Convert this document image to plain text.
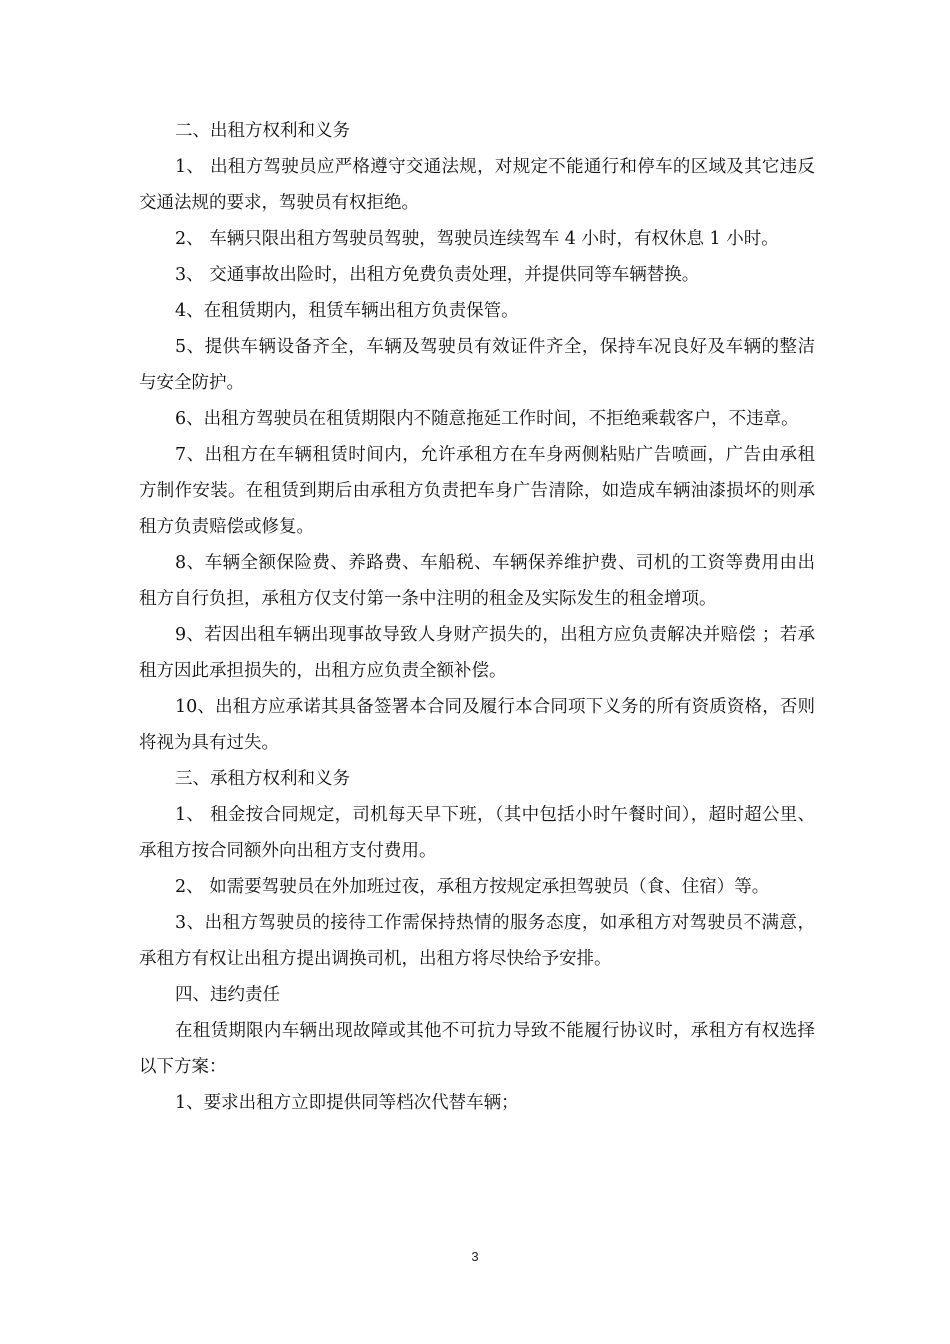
二、出租方权利和义务

1、 出租方驾驶员应严格遵守交通法规，对规定不能通行和停车的区域及其它违反交通法规的要求，驾驶员有权拒绝。

2、 车辆只限出租方驾驶员驾驶，驾驶员连续驾车 4 小时，有权休息 1 小时。

3、 交通事故出险时，出租方免费负责处理，并提供同等车辆替换。

4、在租赁期内，租赁车辆出租方负责保管。

5、提供车辆设备齐全，车辆及驾驶员有效证件齐全，保持车况良好及车辆的整洁与安全防护。

6、出租方驾驶员在租赁期限内不随意拖延工作时间，不拒绝乘载客户，不违章。

7、出租方在车辆租赁时间内，允许承租方在车身两侧粘贴广告喷画，广告由承租方制作安装。在租赁到期后由承租方负责把车身广告清除，如造成车辆油漆损坏的则承租方负责赔偿或修复。

8、车辆全额保险费、养路费、车船税、车辆保养维护费、司机的工资等费用由出租方自行负担，承租方仅支付第一条中注明的租金及实际发生的租金增项。

9、若因出租车辆出现事故导致人身财产损失的，出租方应负责解决并赔偿 ；若承租方因此承担损失的，出租方应负责全额补偿。

10、出租方应承诺其具备签署本合同及履行本合同项下义务的所有资质资格，否则将视为具有过失。

三、承租方权利和义务

1、 租金按合同规定，司机每天早下班，（其中包括小时午餐时间），超时超公里、承租方按合同额外向出租方支付费用。

2、 如需要驾驶员在外加班过夜，承租方按规定承担驾驶员（食、住宿）等。

3、出租方驾驶员的接待工作需保持热情的服务态度，如承租方对驾驶员不满意，承租方有权让出租方提出调换司机，出租方将尽快给予安排。

四、违约责任

在租赁期限内车辆出现故障或其他不可抗力导致不能履行协议时，承租方有权选择以下方案：

1、要求出租方立即提供同等档次代替车辆；

3
